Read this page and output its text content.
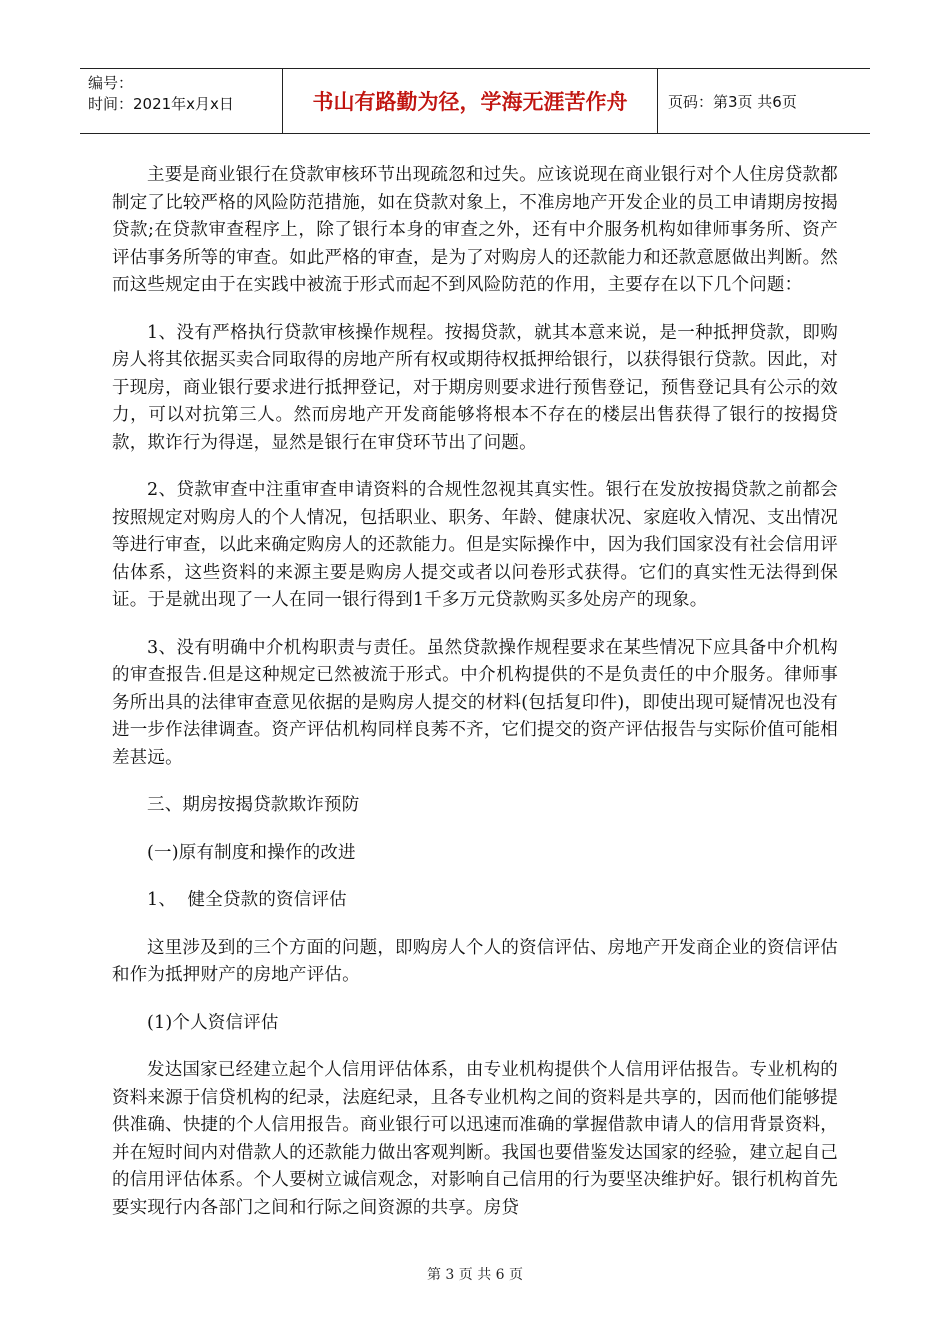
编号：
时间：2021年x月x日	书山有路勤为径，学海无涯苦作舟	页码：第3页 共6页

主要是商业银行在贷款审核环节出现疏忽和过失。应该说现在商业银行对个人住房贷款都制定了比较严格的风险防范措施，如在贷款对象上，不准房地产开发企业的员工申请期房按揭贷款;在贷款审查程序上，除了银行本身的审查之外，还有中介服务机构如律师事务所、资产评估事务所等的审查。如此严格的审查，是为了对购房人的还款能力和还款意愿做出判断。然而这些规定由于在实践中被流于形式而起不到风险防范的作用，主要存在以下几个问题：

1、没有严格执行贷款审核操作规程。按揭贷款，就其本意来说，是一种抵押贷款，即购房人将其依据买卖合同取得的房地产所有权或期待权抵押给银行，以获得银行贷款。因此，对于现房，商业银行要求进行抵押登记，对于期房则要求进行预售登记，预售登记具有公示的效力，可以对抗第三人。然而房地产开发商能够将根本不存在的楼层出售获得了银行的按揭贷款，欺诈行为得逞，显然是银行在审贷环节出了问题。

2、贷款审查中注重审查申请资料的合规性忽视其真实性。银行在发放按揭贷款之前都会按照规定对购房人的个人情况，包括职业、职务、年龄、健康状况、家庭收入情况、支出情况等进行审查，以此来确定购房人的还款能力。但是实际操作中，因为我们国家没有社会信用评估体系，这些资料的来源主要是购房人提交或者以问卷形式获得。它们的真实性无法得到保证。于是就出现了一人在同一银行得到1千多万元贷款购买多处房产的现象。

3、没有明确中介机构职责与责任。虽然贷款操作规程要求在某些情况下应具备中介机构的审查报告.但是这种规定已然被流于形式。中介机构提供的不是负责任的中介服务。律师事务所出具的法律审查意见依据的是购房人提交的材料(包括复印件)，即使出现可疑情况也没有进一步作法律调查。资产评估机构同样良莠不齐，它们提交的资产评估报告与实际价值可能相差甚远。

三、期房按揭贷款欺诈预防

(一)原有制度和操作的改进

1、  健全贷款的资信评估

这里涉及到的三个方面的问题，即购房人个人的资信评估、房地产开发商企业的资信评估和作为抵押财产的房地产评估。

(1)个人资信评估

发达国家已经建立起个人信用评估体系，由专业机构提供个人信用评估报告。专业机构的资料来源于信贷机构的纪录，法庭纪录，且各专业机构之间的资料是共享的，因而他们能够提供准确、快捷的个人信用报告。商业银行可以迅速而准确的掌握借款申请人的信用背景资料，并在短时间内对借款人的还款能力做出客观判断。我国也要借鉴发达国家的经验，建立起自己的信用评估体系。个人要树立诚信观念，对影响自己信用的行为要坚决维护好。银行机构首先要实现行内各部门之间和行际之间资源的共享。房贷

第 3 页 共 6 页
